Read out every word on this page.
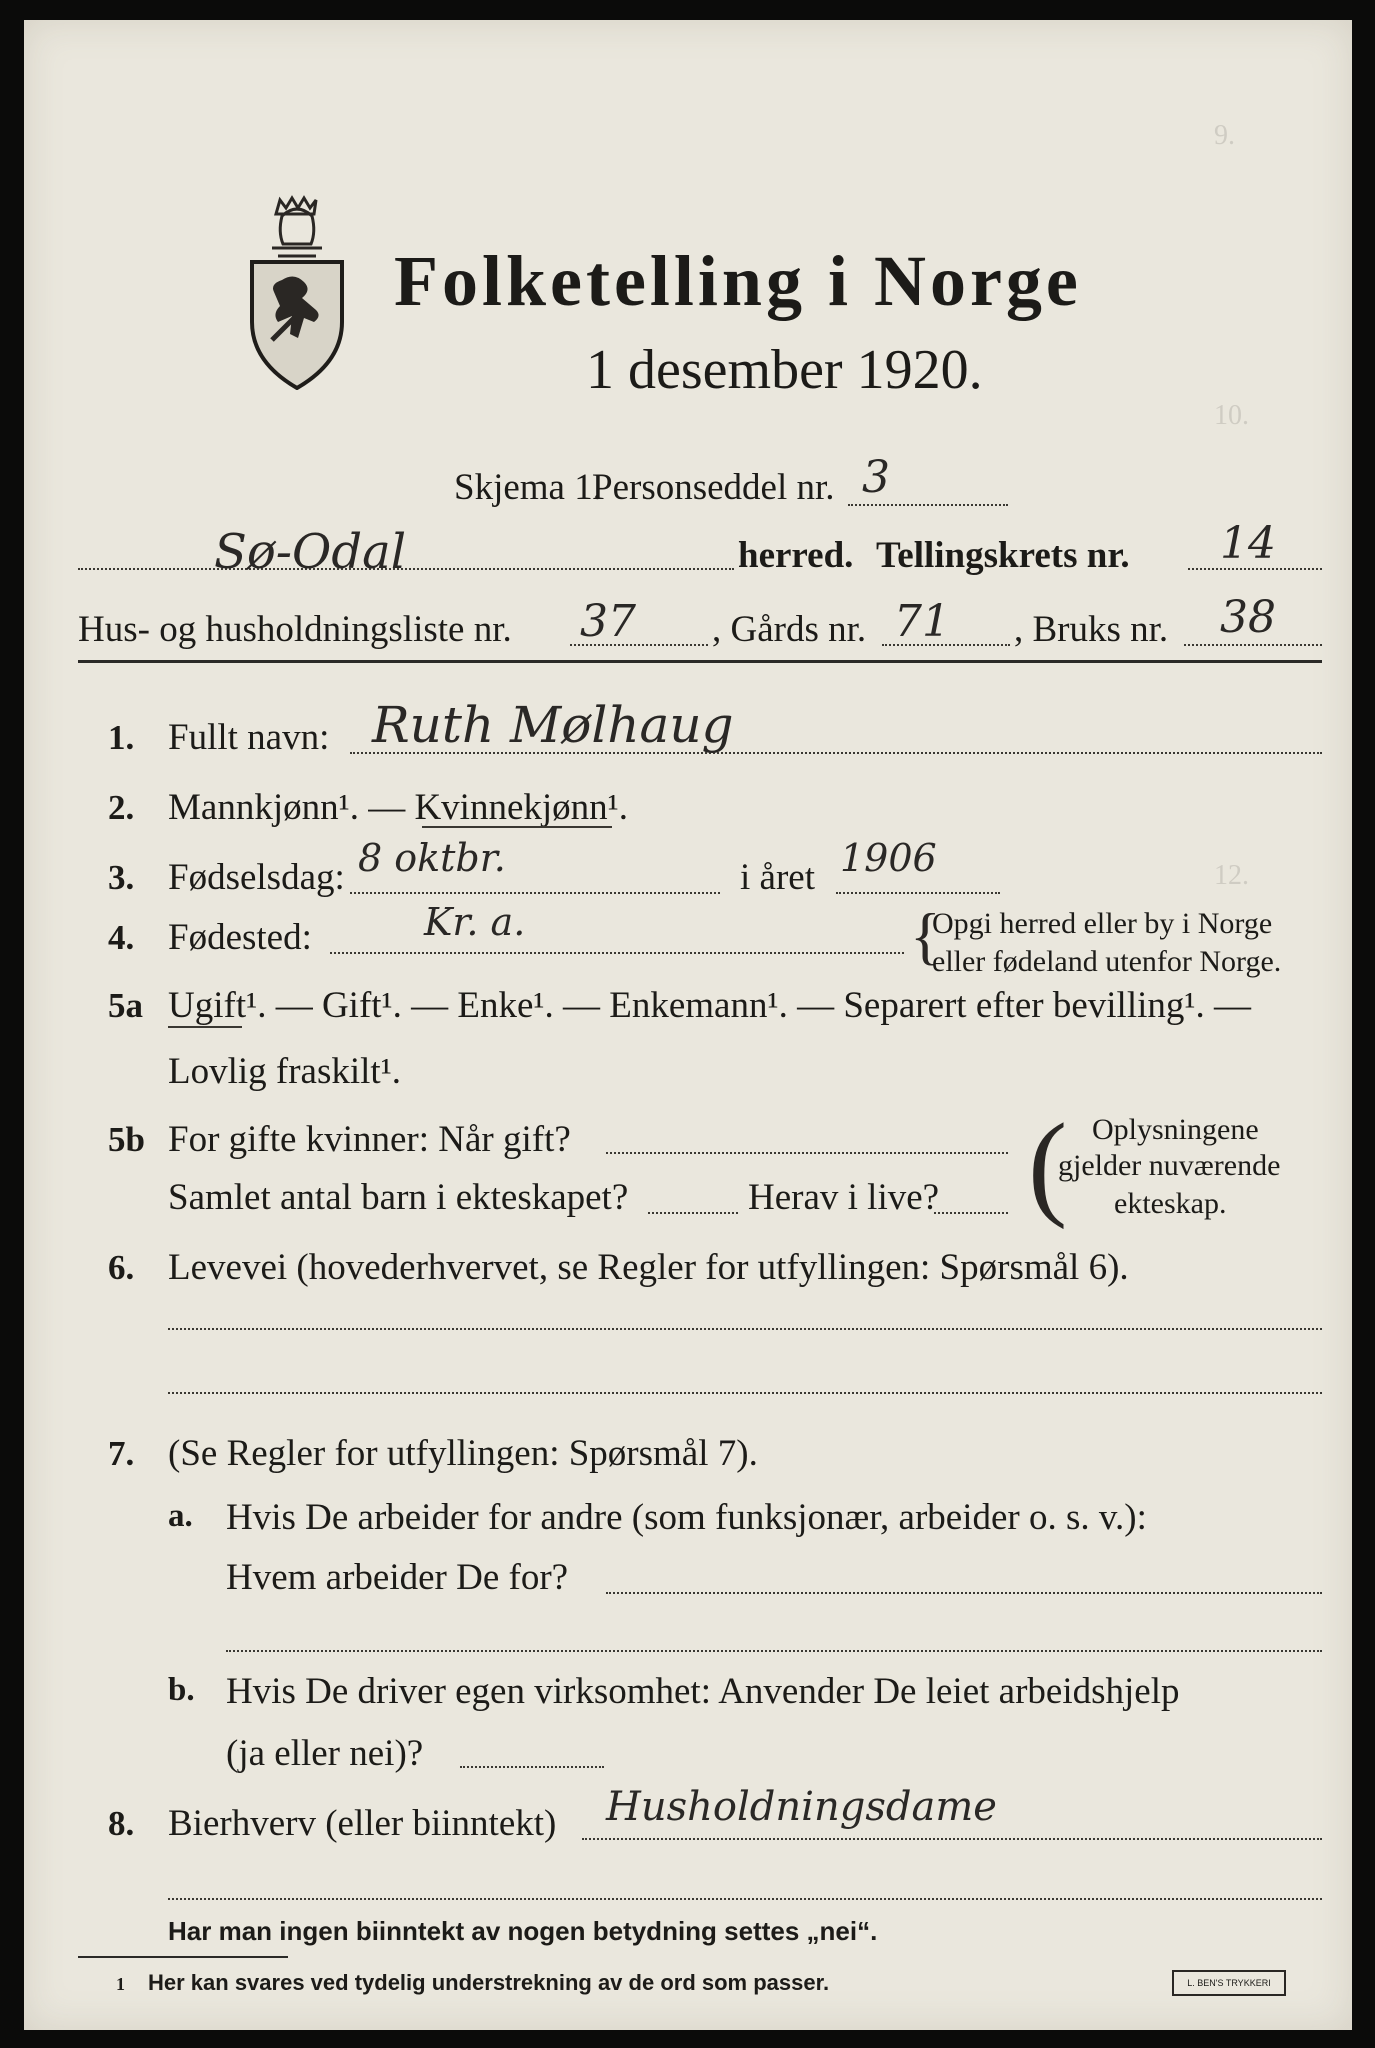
9.
10.
12.
Folketelling i Norge
1 desember 1920.
Skjema 1.
Personseddel nr. 3
Sø-Odal	herred. Tellingskrets nr. 14
Hus- og husholdningsliste nr. 37 , Gårds nr. 71 , Bruks nr. 38
1. Fullt navn: Ruth Mølhaug
2. Mannkjønn¹. — Kvinnekjønn¹.
3. Fødselsdag: 8 oktbr.	i året 1906
4. Fødested:	Kr. a.	{
Opgi herred eller by i Norge
eller fødeland utenfor Norge.
5a Ugift¹. — Gift¹. — Enke¹. — Enkemann¹. — Separert efter bevilling¹. —
Lovlig fraskilt¹.
5b For gifte kvinner: Når gift?
Samlet antal barn i ekteskapet?	Herav i live? ( Oplysningene
gjelder nuværende
ekteskap.
6. Levevei (hovederhvervet, se Regler for utfyllingen: Spørsmål 6).
7. (Se Regler for utfyllingen: Spørsmål 7).
a. Hvis De arbeider for andre (som funksjonær, arbeider o. s. v.):
Hvem arbeider De for?
b. Hvis De driver egen virksomhet: Anvender De leiet arbeidshjelp
(ja eller nei)?
8. Bierhverv (eller biinntekt) Husholdningsdame
Har man ingen biinntekt av nogen betydning settes „nei“.
1 Her kan svares ved tydelig understrekning av de ord som passer.	L. BEN'S TRYKKERI
